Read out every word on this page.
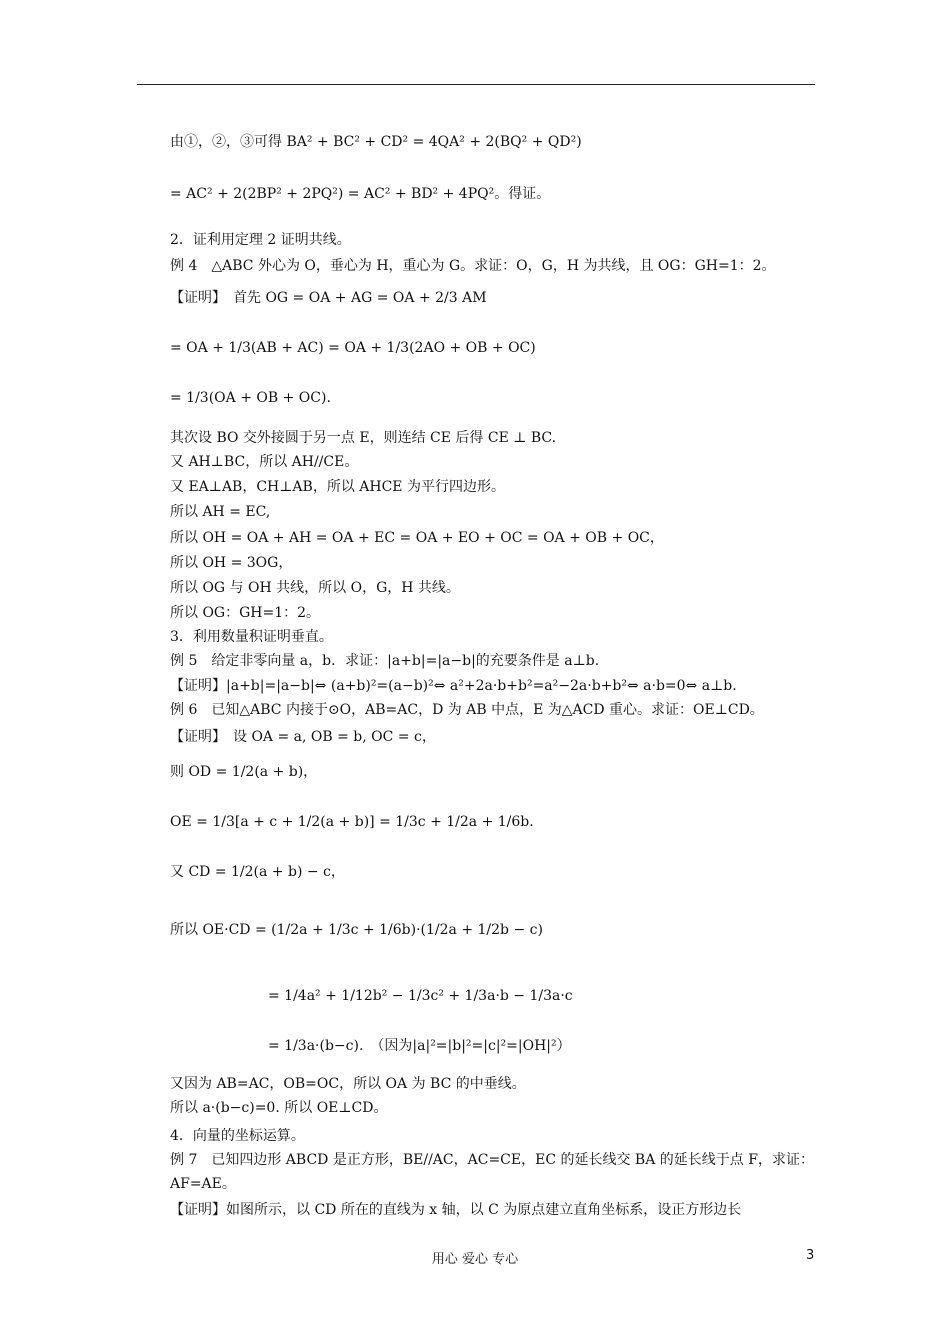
由①，②，③可得 BA² + BC² + CD² = 4QA² + 2(BQ² + QD²)
= AC² + 2(2BP² + 2PQ²) = AC² + BD² + 4PQ²。得证。
2．证利用定理 2 证明共线。
例 4　△ABC 外心为 O，垂心为 H，重心为 G。求证：O，G，H 为共线，且 OG：GH=1：2。
【证明】　首先 OG = OA + AG = OA + 2/3 AM
= OA + 1/3(AB + AC) = OA + 1/3(2AO + OB + OC)
= 1/3(OA + OB + OC).
其次设 BO 交外接圆于另一点 E，则连结 CE 后得 CE ⊥ BC.
又 AH⊥BC，所以 AH//CE。
又 EA⊥AB，CH⊥AB，所以 AHCE 为平行四边形。
所以 AH = EC,
所以 OH = OA + AH = OA + EC = OA + EO + OC = OA + OB + OC，
所以 OH = 3OG，
所以 OG 与 OH 共线，所以 O，G，H 共线。
所以 OG：GH=1：2。
3．利用数量积证明垂直。
例 5　给定非零向量 a，b．求证：|a+b|=|a−b|的充要条件是 a⊥b.
【证明】|a+b|=|a−b|⇔ (a+b)²=(a−b)²⇔ a²+2a·b+b²=a²−2a·b+b²⇔ a·b=0⇔ a⊥b.
例 6　已知△ABC 内接于⊙O，AB=AC，D 为 AB 中点，E 为△ACD 重心。求证：OE⊥CD。
【证明】　设 OA = a, OB = b, OC = c，
则 OD = 1/2(a + b)，
OE = 1/3[a + c + 1/2(a + b)] = 1/3c + 1/2a + 1/6b.
又 CD = 1/2(a + b) − c，
所以 OE·CD = (1/2a + 1/3c + 1/6b)·(1/2a + 1/2b − c)
= 1/4a² + 1/12b² − 1/3c² + 1/3a·b − 1/3a·c
= 1/3a·(b−c).　（因为|a|²=|b|²=|c|²=|OH|²）
又因为 AB=AC，OB=OC，所以 OA 为 BC 的中垂线。
所以 a·(b−c)=0. 所以 OE⊥CD。
4．向量的坐标运算。
例 7　已知四边形 ABCD 是正方形，BE//AC，AC=CE，EC 的延长线交 BA 的延长线于点 F，求证：
AF=AE。
【证明】如图所示，以 CD 所在的直线为 x 轴，以 C 为原点建立直角坐标系，设正方形边长
用心 爱心 专心	3
